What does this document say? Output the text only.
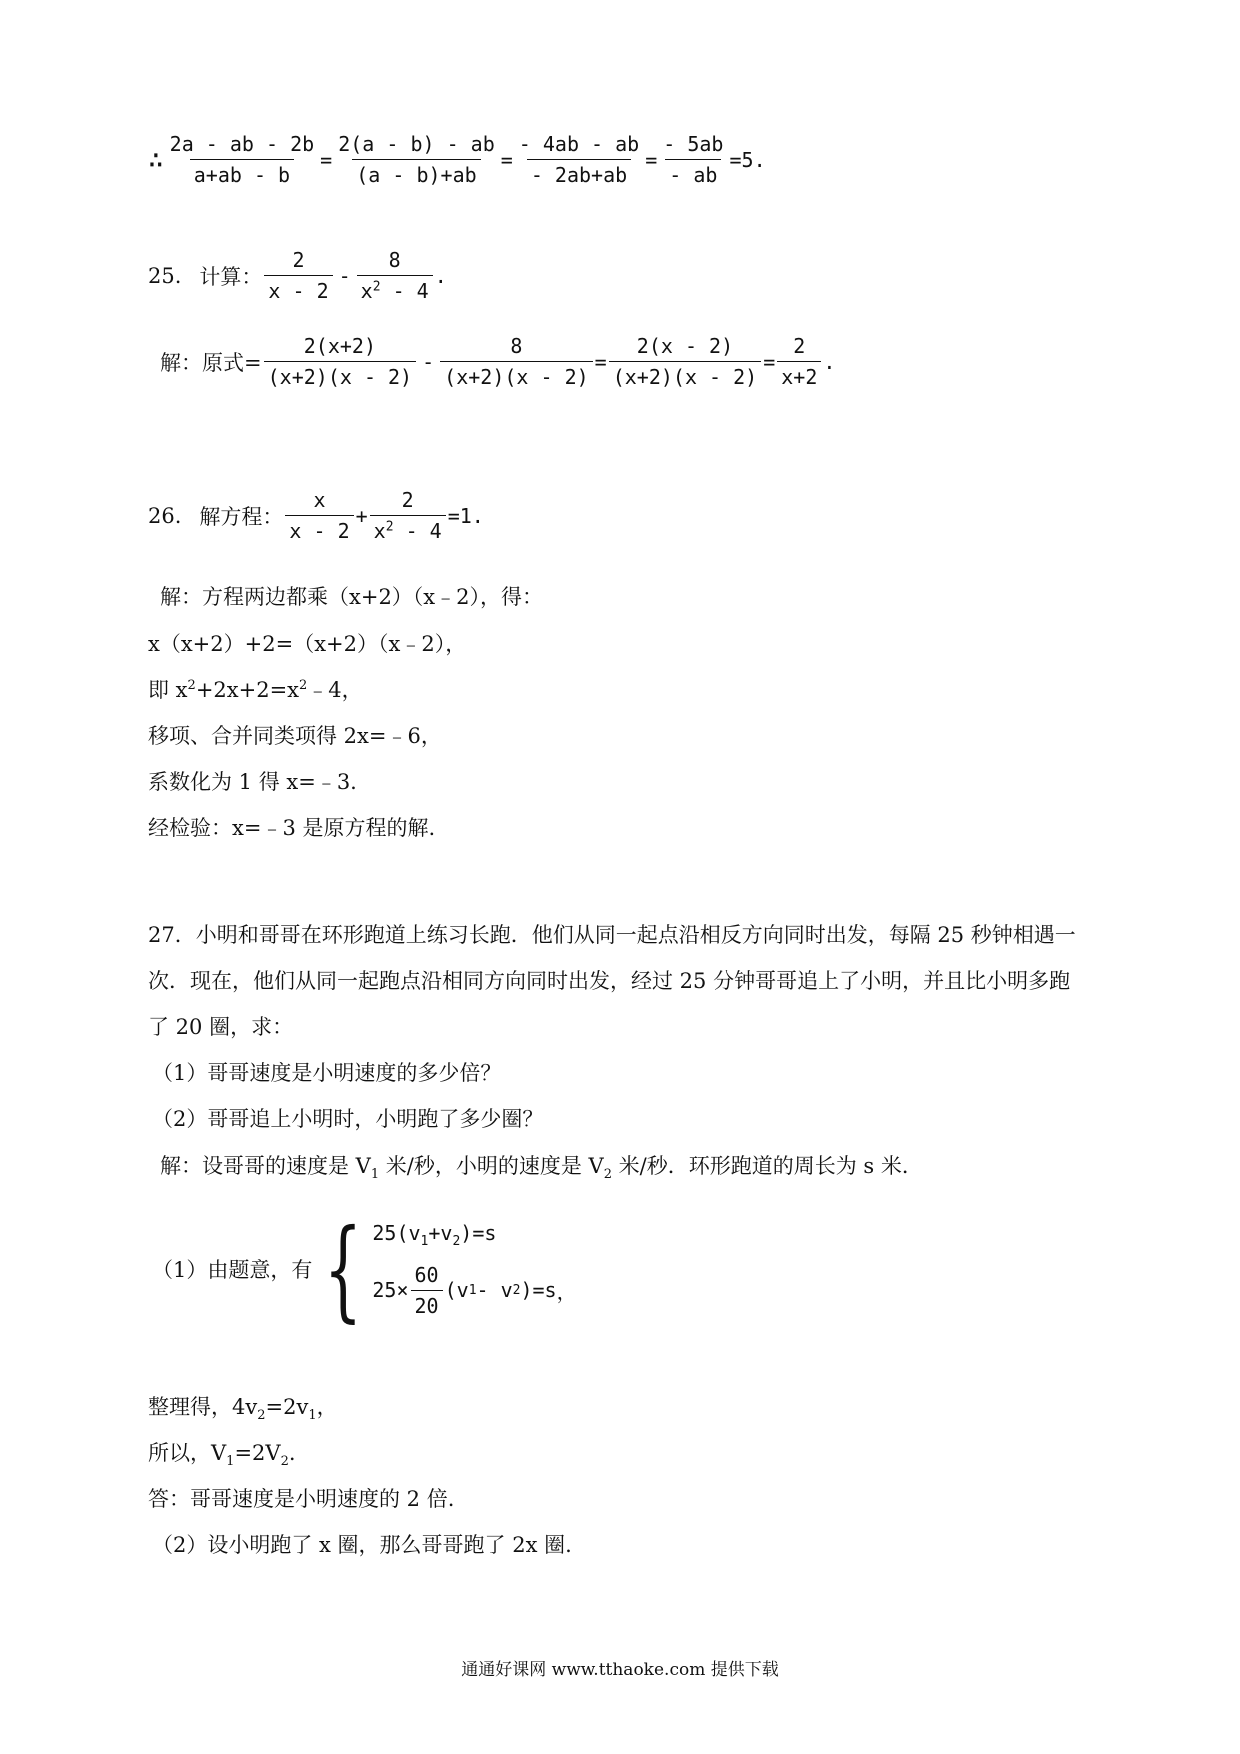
∴ $\frac{2a - ab - 2b}{a+ab - b} = \frac{2(a - b) - ab}{(a - b)+ab} = \frac{- 4ab - ab}{- 2ab+ab} = \frac{- 5ab}{- ab} =5$.
25. 计算： $\frac{2}{x - 2} - \frac{8}{x^2 - 4}$ .
解：原式= $\frac{2(x+2)}{(x+2)(x - 2)} - \frac{8}{(x+2)(x - 2)} = \frac{2(x - 2)}{(x+2)(x - 2)} = \frac{2}{x+2}$ .
26. 解方程： $\frac{x}{x - 2} + \frac{2}{x^2 - 4} =1$.
解：方程两边都乘（x+2）（x﹣2），得：
x（x+2）+2=（x+2）（x﹣2），
即 $x^2+2x+2=x^2﹣4$，
移项、合并同类项得 2x=﹣6，
系数化为 1 得 x=﹣3.
经检验：x=﹣3 是原方程的解.
27．小明和哥哥在环形跑道上练习长跑．他们从同一起点沿相反方向同时出发，每隔 25 秒钟相遇一
次．现在，他们从同一起跑点沿相同方向同时出发，经过 25 分钟哥哥追上了小明，并且比小明多跑
了 20 圈，求：
（1）哥哥速度是小明速度的多少倍？
（2）哥哥追上小明时，小明跑了多少圈？
解：设哥哥的速度是 $V_1$ 米/秒，小明的速度是 $V_2$ 米/秒．环形跑道的周长为 s 米．
（1）由题意，有 { $25(v_1+v_2)=s$
$25\times \frac{60}{20} (v$ 1 - v 2 )=s ，
整理得，$4v_2=2v_1$，
所以，$V_1=2V_2$.
答：哥哥速度是小明速度的 2 倍.
（2）设小明跑了 x 圈，那么哥哥跑了 2x 圈.
通通好课网 www.tthaoke.com 提供下载
